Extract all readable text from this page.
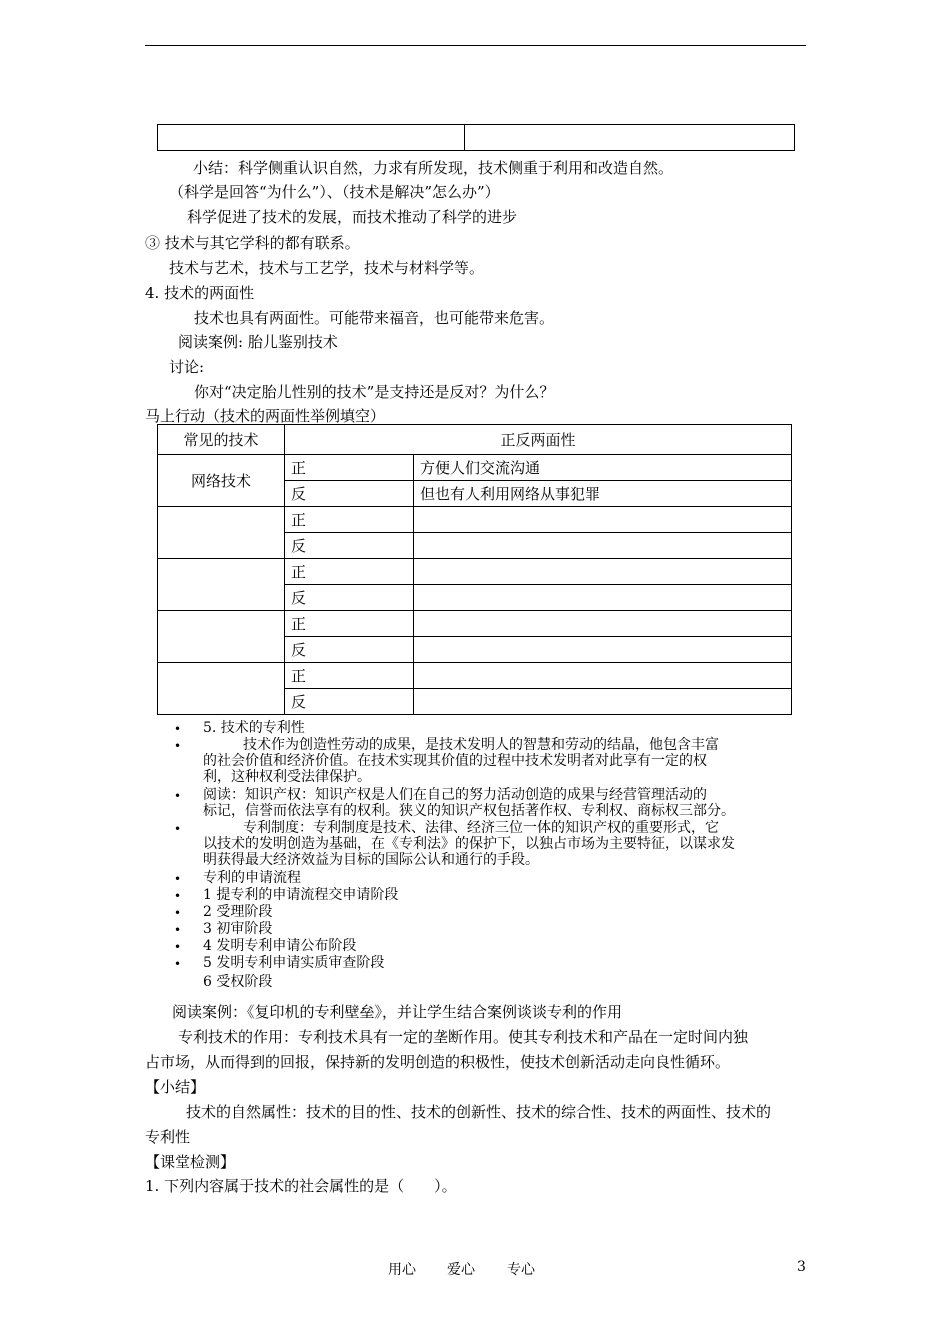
小结：科学侧重认识自然，力求有所发现，技术侧重于利用和改造自然。
（科学是回答“为什么”）、（技术是解决”怎么办”）
科学促进了技术的发展，而技术推动了科学的进步
③ 技术与其它学科的都有联系。
技术与艺术，技术与工艺学，技术与材料学等。
4. 技术的两面性
技术也具有两面性。可能带来福音，也可能带来危害。
阅读案例: 胎儿鉴别技术
讨论:
你对“决定胎儿性别的技术”是支持还是反对？为什么？
马上行动（技术的两面性举例填空）
常见的技术	正反两面性	
网络技术	正	方便人们交流沟通
	反	但也有人利用网络从事犯罪
	正	
	反	
	正	
	反	
	正	
	反	
	正	
	反	
• 5. 技术的专利性
•	技术作为创造性劳动的成果，是技术发明人的智慧和劳动的结晶，他包含丰富
的社会价值和经济价值。在技术实现其价值的过程中技术发明者对此享有一定的权
利，这种权利受法律保护。
• 阅读：知识产权：知识产权是人们在自己的努力活动创造的成果与经营管理活动的
标记，信誉而依法享有的权利。狭义的知识产权包括著作权、专利权、商标权三部分。
•	专利制度：专利制度是技术、法律、经济三位一体的知识产权的重要形式，它
以技术的发明创造为基础，在《专利法》的保护下，以独占市场为主要特征，以谋求发
明获得最大经济效益为目标的国际公认和通行的手段。
• 专利的申请流程
• 1 提专利的申请流程交申请阶段
• 2 受理阶段
• 3 初审阶段
• 4 发明专利申请公布阶段
• 5 发明专利申请实质审查阶段
6 受权阶段
阅读案例：《复印机的专利壁垒》，并让学生结合案例谈谈专利的作用
专利技术的作用：专利技术具有一定的垄断作用。使其专利技术和产品在一定时间内独
占市场，从而得到的回报，保持新的发明创造的积极性，使技术创新活动走向良性循环。
【小结】
技术的自然属性：技术的目的性、技术的创新性、技术的综合性、技术的两面性、技术的
专利性
【课堂检测】
1. 下列内容属于技术的社会属性的是（　　）。
用心 爱心 专心	3
